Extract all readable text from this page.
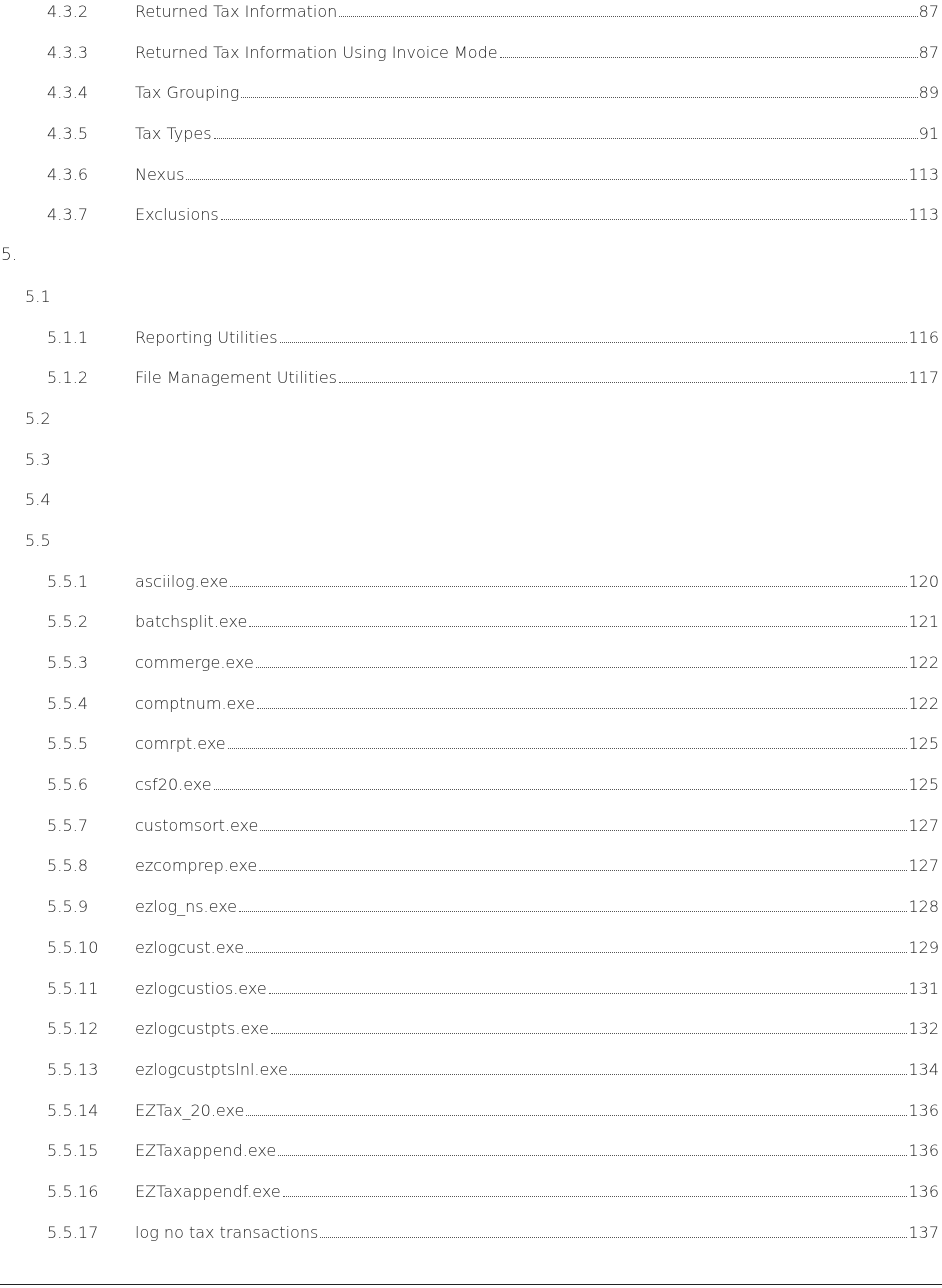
4.3.2	Returned Tax Information	87
4.3.3	Returned Tax Information Using Invoice Mode	87
4.3.4	Tax Grouping	89
4.3.5	Tax Types	91
4.3.6	Nexus	113
4.3.7	Exclusions	113
5.
5.1
5.1.1	Reporting Utilities	116
5.1.2	File Management Utilities	117
5.2
5.3
5.4
5.5
5.5.1	asciilog.exe	120
5.5.2	batchsplit.exe	121
5.5.3	commerge.exe	122
5.5.4	comptnum.exe	122
5.5.5	comrpt.exe	125
5.5.6	csf20.exe	125
5.5.7	customsort.exe	127
5.5.8	ezcomprep.exe	127
5.5.9	ezlog_ns.exe	128
5.5.10 ezlogcust.exe	129
5.5.11 ezlogcustios.exe	131
5.5.12 ezlogcustpts.exe	132
5.5.13 ezlogcustptslnl.exe	134
5.5.14 EZTax_20.exe	136
5.5.15 EZTaxappend.exe	136
5.5.16 EZTaxappendf.exe	136
5.5.17 log no tax transactions	137
